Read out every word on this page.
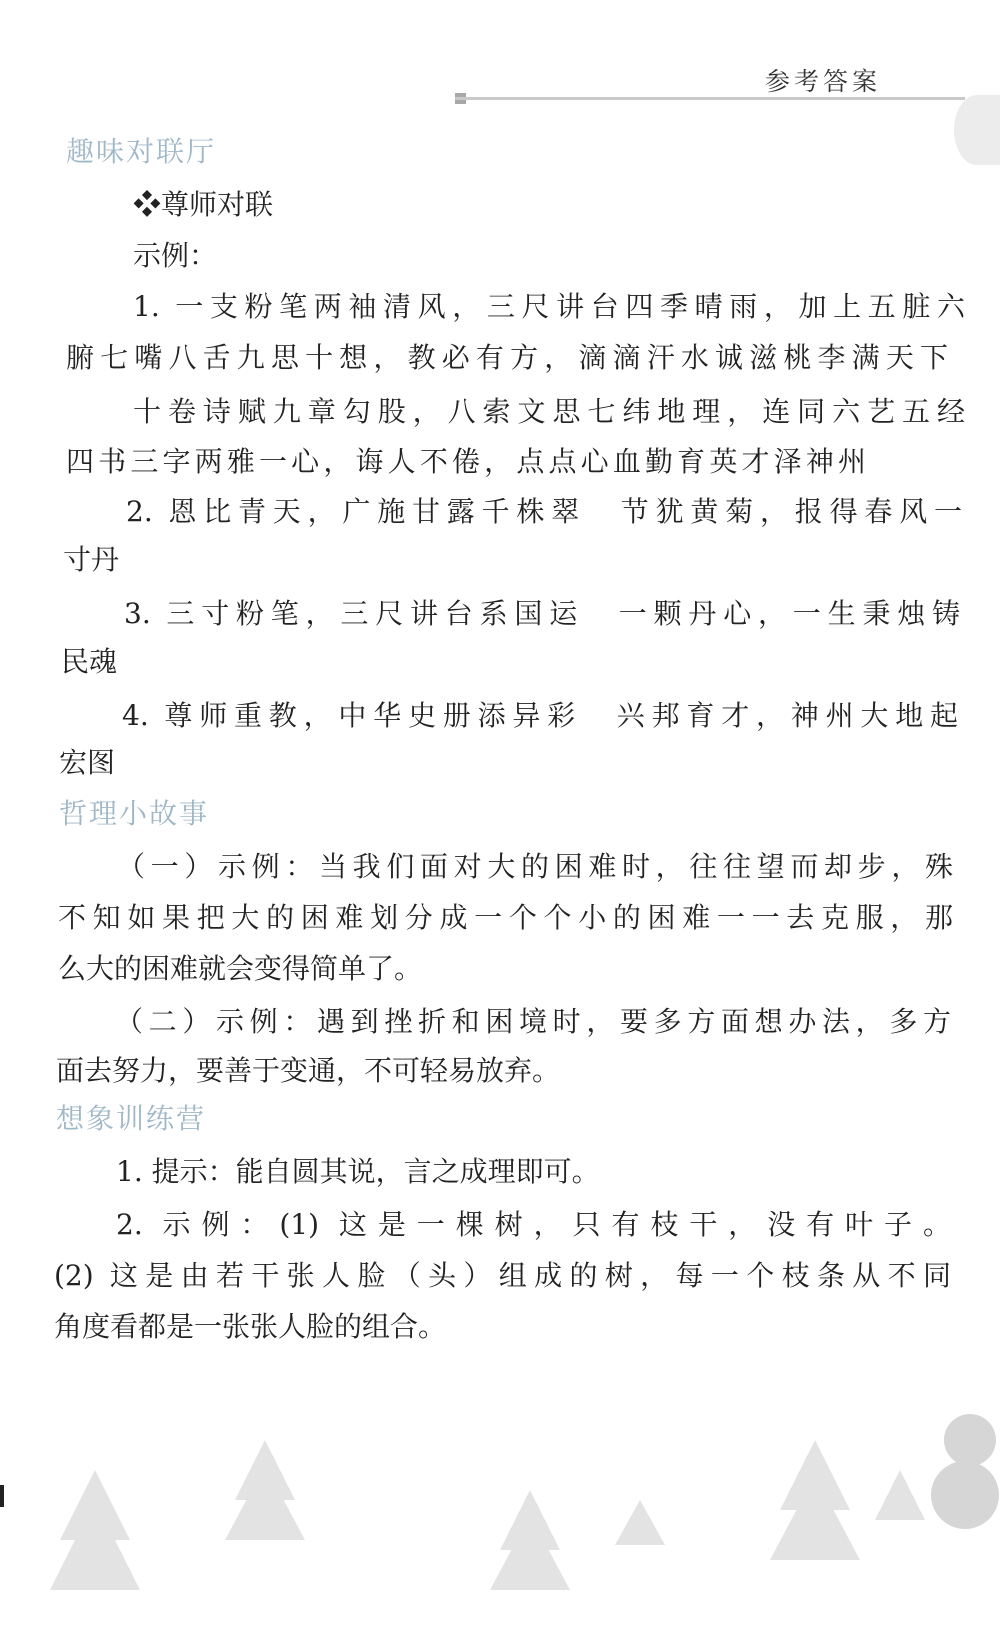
参考答案
趣味对联厅
❖尊师对联
示例：
1. 一支粉笔两袖清风，三尺讲台四季晴雨，加上五脏六
腑七嘴八舌九思十想，教必有方，滴滴汗水诚滋桃李满天下
十卷诗赋九章勾股，八索文思七纬地理，连同六艺五经
四书三字两雅一心，诲人不倦，点点心血勤育英才泽神州
2. 恩比青天，广施甘露千株翠　节犹黄菊，报得春风一
寸丹
3. 三寸粉笔，三尺讲台系国运　一颗丹心，一生秉烛铸
民魂
4. 尊师重教，中华史册添异彩　兴邦育才，神州大地起
宏图
哲理小故事
（一）示例：当我们面对大的困难时，往往望而却步，殊
不知如果把大的困难划分成一个个小的困难一一去克服，那
么大的困难就会变得简单了。
（二）示例：遇到挫折和困境时，要多方面想办法，多方
面去努力，要善于变通，不可轻易放弃。
想象训练营
1. 提示：能自圆其说，言之成理即可。
2. 示例：(1) 这是一棵树，只有枝干，没有叶子。
(2) 这是由若干张人脸（头）组成的树，每一个枝条从不同
角度看都是一张张人脸的组合。
